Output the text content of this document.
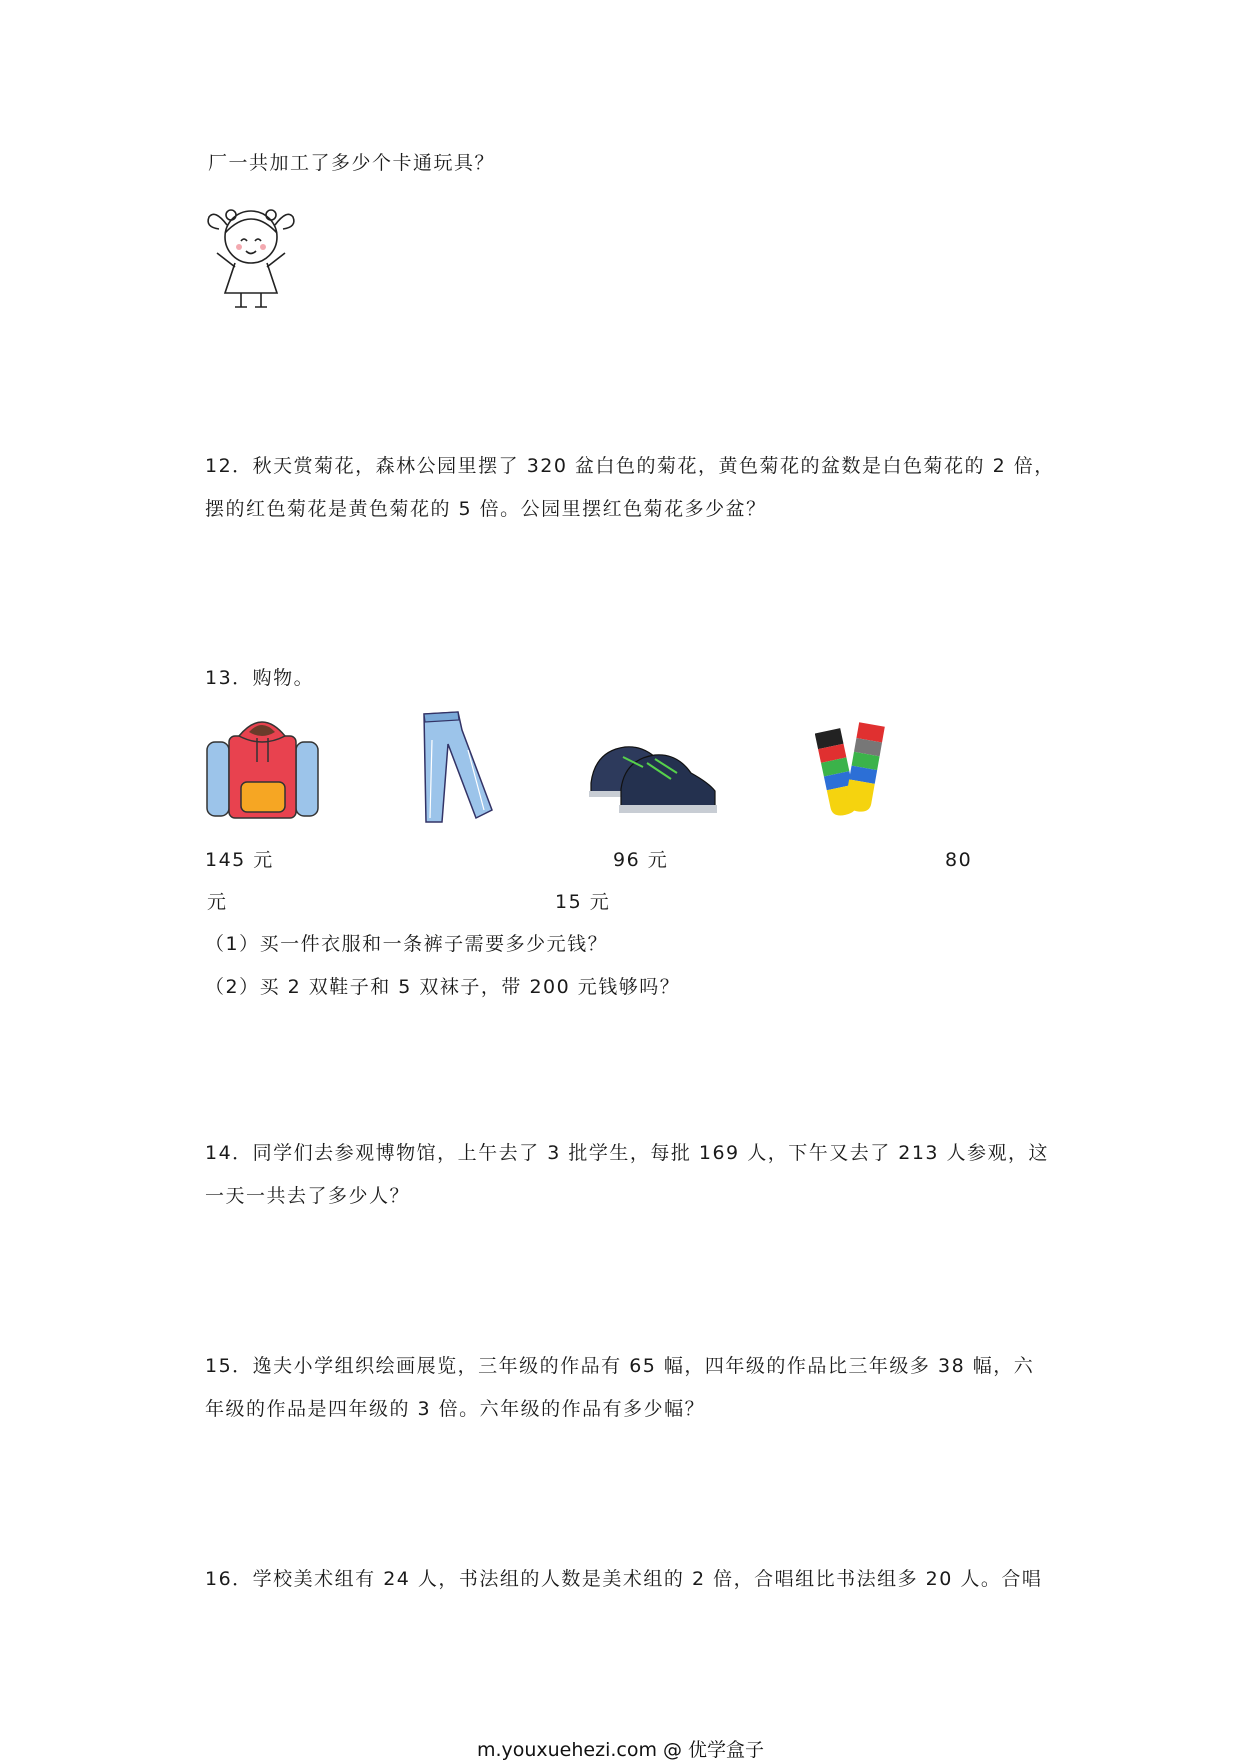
厂一共加工了多少个卡通玩具？
12．秋天赏菊花，森林公园里摆了 320 盆白色的菊花，黄色菊花的盆数是白色菊花的 2 倍，
摆的红色菊花是黄色菊花的 5 倍。公园里摆红色菊花多少盆？
13．购物。
145 元	96 元	80
元	15 元
（1）买一件衣服和一条裤子需要多少元钱？
（2）买 2 双鞋子和 5 双袜子，带 200 元钱够吗？
14．同学们去参观博物馆，上午去了 3 批学生，每批 169 人，下午又去了 213 人参观，这
一天一共去了多少人？
15．逸夫小学组织绘画展览，三年级的作品有 65 幅，四年级的作品比三年级多 38 幅，六
年级的作品是四年级的 3 倍。六年级的作品有多少幅？
16．学校美术组有 24 人，书法组的人数是美术组的 2 倍，合唱组比书法组多 20 人。合唱
m.youxuehezi.com @ 优学盒子
